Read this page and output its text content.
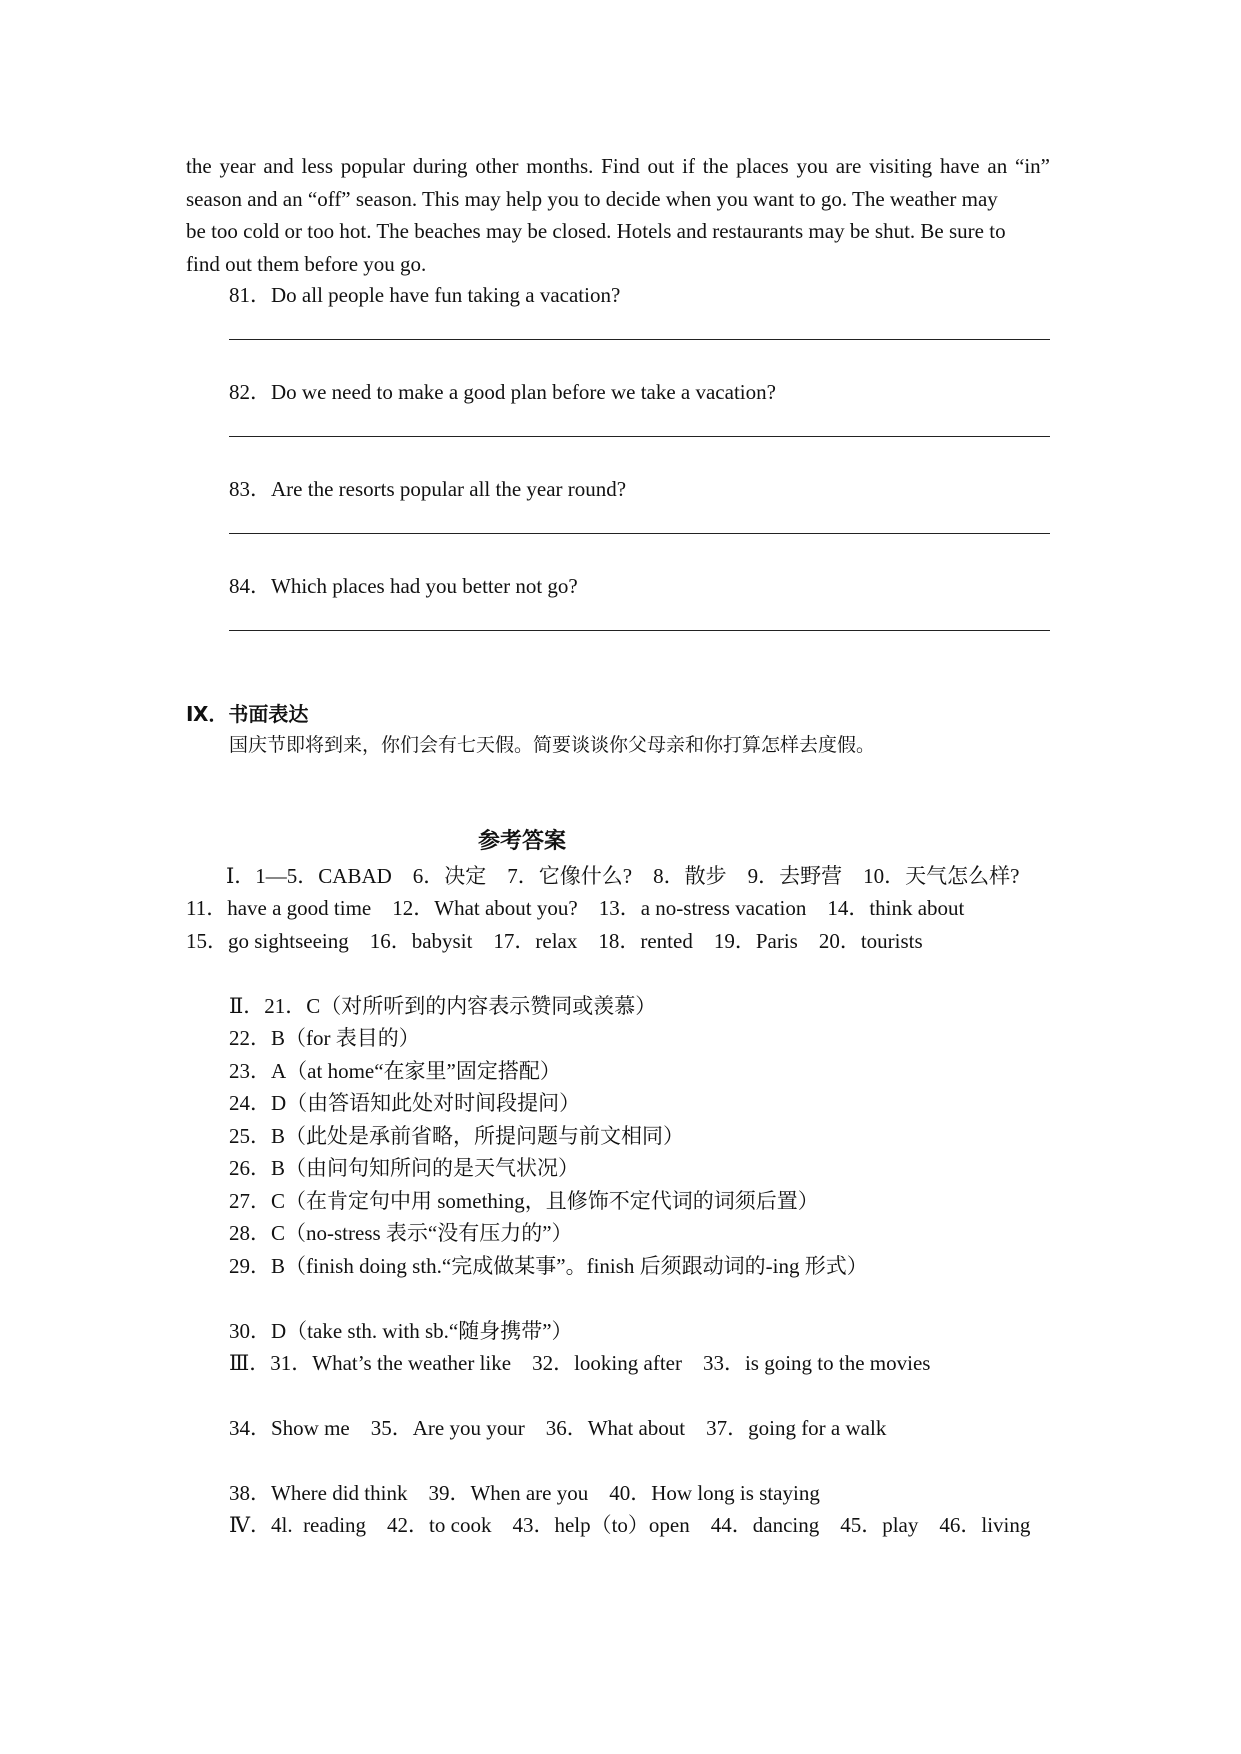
the year and less popular during other months. Find out if the places you are visiting have an “in”
season and an “off” season. This may help you to decide when you want to go. The weather may
be too cold or too hot. The beaches may be closed. Hotels and restaurants may be shut. Be sure to
find out them before you go.
81．Do all people have fun taking a vacation?
82．Do we need to make a good plan before we take a vacation?
83．Are the resorts popular all the year round?
84．Which places had you better not go?
Ⅸ．书面表达
国庆节即将到来，你们会有七天假。简要谈谈你父母亲和你打算怎样去度假。
参考答案
Ⅰ．1—5．CABAD　6．决定　7．它像什么?　8．散步　9．去野营　10．天气怎么样?
11．have a good time　12．What about you?　13．a no-stress vacation　14．think about
15．go sightseeing　16．babysit　17．relax　18．rented　19．Paris　20．tourists
Ⅱ．21．C（对所听到的内容表示赞同或羡慕）
22．B（for 表目的）
23．A（at home“在家里”固定搭配）
24．D（由答语知此处对时间段提问）
25．B（此处是承前省略，所提问题与前文相同）
26．B（由问句知所问的是天气状况）
27．C（在肯定句中用 something，且修饰不定代词的词须后置）
28．C（no-stress 表示“没有压力的”）
29．B（finish doing sth.“完成做某事”。finish 后须跟动词的-ing 形式）
30．D（take sth. with sb.“随身携带”）
Ⅲ．31．What’s the weather like　32．looking after　33．is going to the movies
34．Show me　35．Are you your　36．What about　37．going for a walk
38．Where did think　39．When are you　40．How long is staying
Ⅳ．4l.  reading　42．to cook　43．help（to）open　44．dancing　45．play　46．living
